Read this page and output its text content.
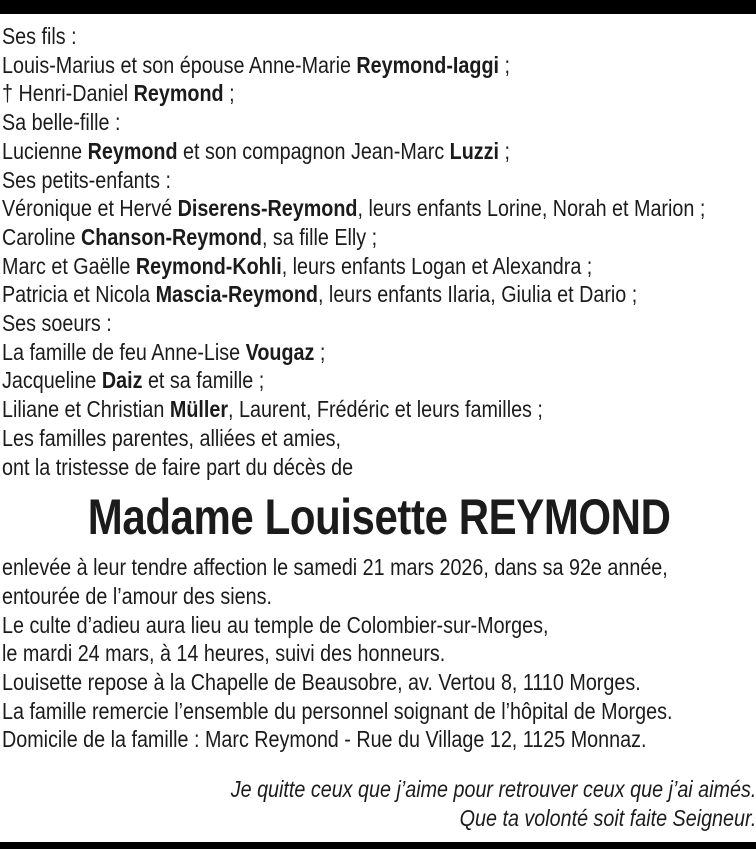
Ses fils :
Louis-Marius et son épouse Anne-Marie Reymond-Iaggi ;
† Henri-Daniel Reymond ;
Sa belle-fille :
Lucienne Reymond et son compagnon Jean-Marc Luzzi ;
Ses petits-enfants :
Véronique et Hervé Diserens-Reymond, leurs enfants Lorine, Norah et Marion ;
Caroline Chanson-Reymond, sa fille Elly ;
Marc et Gaëlle Reymond-Kohli, leurs enfants Logan et Alexandra ;
Patricia et Nicola Mascia-Reymond, leurs enfants Ilaria, Giulia et Dario ;
Ses soeurs :
La famille de feu Anne-Lise Vougaz ;
Jacqueline Daiz et sa famille ;
Liliane et Christian Müller, Laurent, Frédéric et leurs familles ;
Les familles parentes, alliées et amies,
ont la tristesse de faire part du décès de
Madame Louisette REYMOND
enlevée à leur tendre affection le samedi 21 mars 2026, dans sa 92e année,
entourée de l’amour des siens.
Le culte d’adieu aura lieu au temple de Colombier-sur-Morges,
le mardi 24 mars, à 14 heures, suivi des honneurs.
Louisette repose à la Chapelle de Beausobre, av. Vertou 8, 1110 Morges.
La famille remercie l’ensemble du personnel soignant de l’hôpital de Morges.
Domicile de la famille : Marc Reymond - Rue du Village 12, 1125 Monnaz.
Je quitte ceux que j’aime pour retrouver ceux que j’ai aimés.
Que ta volonté soit faite Seigneur.
